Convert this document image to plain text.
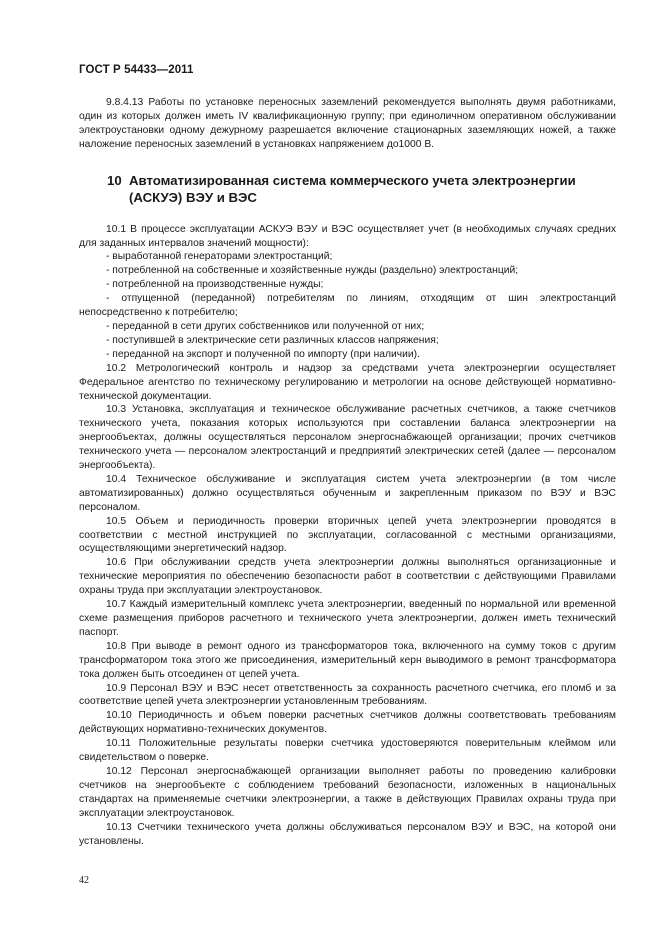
ГОСТ Р 54433—2011

9.8.4.13 Работы по установке переносных заземлений рекомендуется выполнять двумя работниками, один из которых должен иметь IV квалификационную группу; при единоличном оперативном обслуживании электроустановки одному дежурному разрешается включение стационарных заземляющих ножей, а также наложение переносных заземлений в установках напряжением до1000 В.

10 Автоматизированная система коммерческого учета электроэнергии (АСКУЭ) ВЭУ и ВЭС

10.1 В процессе эксплуатации АСКУЭ ВЭУ и ВЭС осуществляет учет (в необходимых случаях средних для заданных интервалов значений мощности):

- выработанной генераторами электростанций;

- потребленной на собственные и хозяйственные нужды (раздельно) электростанций;

- потребленной на производственные нужды;

- отпущенной (переданной) потребителям по линиям, отходящим от шин электростанций непосредственно к потребителю;

- переданной в сети других собственников или полученной от них;

- поступившей в электрические сети различных классов напряжения;

- переданной на экспорт и полученной по импорту (при наличии).

10.2 Метрологический контроль и надзор за средствами учета электроэнергии осуществляет Федеральное агентство по техническому регулированию и метрологии на основе действующей нормативно-технической документации.

10.3 Установка, эксплуатация и техническое обслуживание расчетных счетчиков, а также счетчиков технического учета, показания которых используются при составлении баланса электроэнергии на энергообъектах, должны осуществляться персоналом энергоснабжающей организации; прочих счетчиков технического учета — персоналом электростанций и предприятий электрических сетей (далее — персоналом энергообъекта).

10.4 Техническое обслуживание и эксплуатация систем учета электроэнергии (в том числе автоматизированных) должно осуществляться обученным и закрепленным приказом по ВЭУ и ВЭС персоналом.

10.5 Объем и периодичность проверки вторичных цепей учета электроэнергии проводятся в соответствии с местной инструкцией по эксплуатации, согласованной с местными организациями, осуществляющими энергетический надзор.

10.6 При обслуживании средств учета электроэнергии должны выполняться организационные и технические мероприятия по обеспечению безопасности работ в соответствии с действующими Правилами охраны труда при эксплуатации электроустановок.

10.7 Каждый измерительный комплекс учета электроэнергии, введенный по нормальной или временной схеме размещения приборов расчетного и технического учета электроэнергии, должен иметь технический паспорт.

10.8 При выводе в ремонт одного из трансформаторов тока, включенного на сумму токов с другим трансформатором тока этого же присоединения, измерительный керн выводимого в ремонт трансформатора тока должен быть отсоединен от цепей учета.

10.9 Персонал ВЭУ и ВЭС несет ответственность за сохранность расчетного счетчика, его пломб и за соответствие цепей учета электроэнергии установленным требованиям.

10.10 Периодичность и объем поверки расчетных счетчиков должны соответствовать требованиям действующих нормативно-технических документов.

10.11 Положительные результаты поверки счетчика удостоверяются поверительным клеймом или свидетельством о поверке.

10.12 Персонал энергоснабжающей организации выполняет работы по проведению калибровки счетчиков на энергообъекте с соблюдением требований безопасности, изложенных в национальных стандартах на применяемые счетчики электроэнергии, а также в действующих Правилах охраны труда при эксплуатации электроустановок.

10.13 Счетчики технического учета должны обслуживаться персоналом ВЭУ и ВЭС, на которой они установлены.

42
